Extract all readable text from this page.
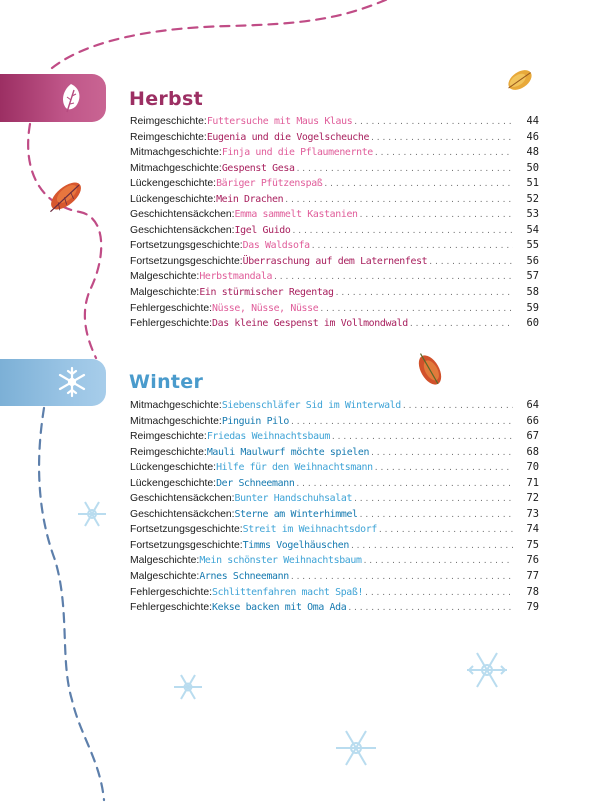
Herbst
Reimgeschichte: Futtersuche mit Maus Klaus . . .	44
Reimgeschichte: Eugenia und die Vogelscheuche . . .	46
Mitmachgeschichte: Finja und die Pflaumenernte . . .	48
Mitmachgeschichte: Gespenst Gesa . . .	50
Lückengeschichte: Bäriger Pfützenspaß . . .	51
Lückengeschichte: Mein Drachen . . .	52
Geschichtensäckchen: Emma sammelt Kastanien . . .	53
Geschichtensäckchen: Igel Guido . . .	54
Fortsetzungsgeschichte: Das Waldsofa . . .	55
Fortsetzungsgeschichte: Überraschung auf dem Laternenfest . . .	56
Malgeschichte: Herbstmandala . . .	57
Malgeschichte: Ein stürmischer Regentag . . .	58
Fehlergeschichte: Nüsse, Nüsse, Nüsse . . .	59
Fehlergeschichte: Das kleine Gespenst im Vollmondwald . . .	60
Winter
Mitmachgeschichte: Siebenschläfer Sid im Winterwald . . .	64
Mitmachgeschichte: Pinguin Pilo . . .	66
Reimgeschichte: Friedas Weihnachtsbaum . . .	67
Reimgeschichte: Mauli Maulwurf möchte spielen . . .	68
Lückengeschichte: Hilfe für den Weihnachtsmann . . .	70
Lückengeschichte: Der Schneemann . . .	71
Geschichtensäckchen: Bunter Handschuhsalat . . .	72
Geschichtensäckchen: Sterne am Winterhimmel . . .	73
Fortsetzungsgeschichte: Streit im Weihnachtsdorf . . .	74
Fortsetzungsgeschichte: Timms Vogelhäuschen . . .	75
Malgeschichte: Mein schönster Weihnachtsbaum . . .	76
Malgeschichte: Arnes Schneemann . . .	77
Fehlergeschichte: Schlittenfahren macht Spaß! . . .	78
Fehlergeschichte: Kekse backen mit Oma Ada . . .	79
